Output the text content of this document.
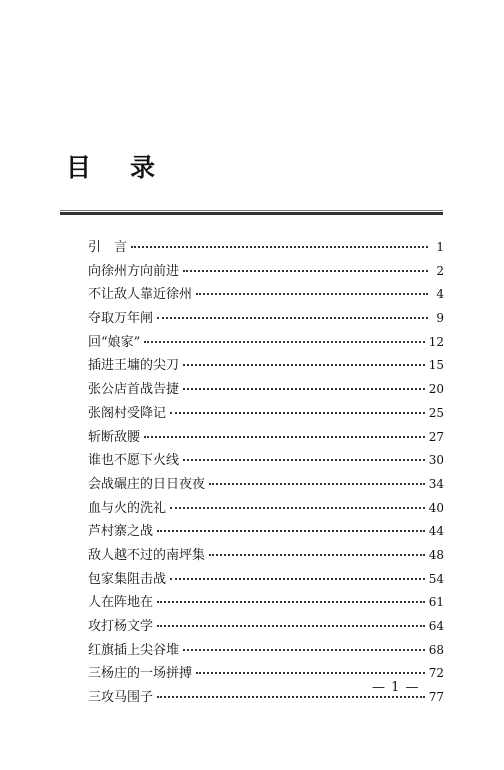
目 录
引　言	1
向徐州方向前进	2
不让敌人靠近徐州	4
夺取万年闸	9
回“娘家”	12
插进王墉的尖刀	15
张公店首战告捷	20
张阁村受降记	25
斩断敌腰	27
谁也不愿下火线	30
会战碾庄的日日夜夜	34
血与火的洗礼	40
芦村寨之战	44
敌人越不过的南坪集	48
包家集阻击战	54
人在阵地在	61
攻打杨文学	64
红旗插上尖谷堆	68
三杨庄的一场拼搏	72
三攻马围子	77
— 1 —
